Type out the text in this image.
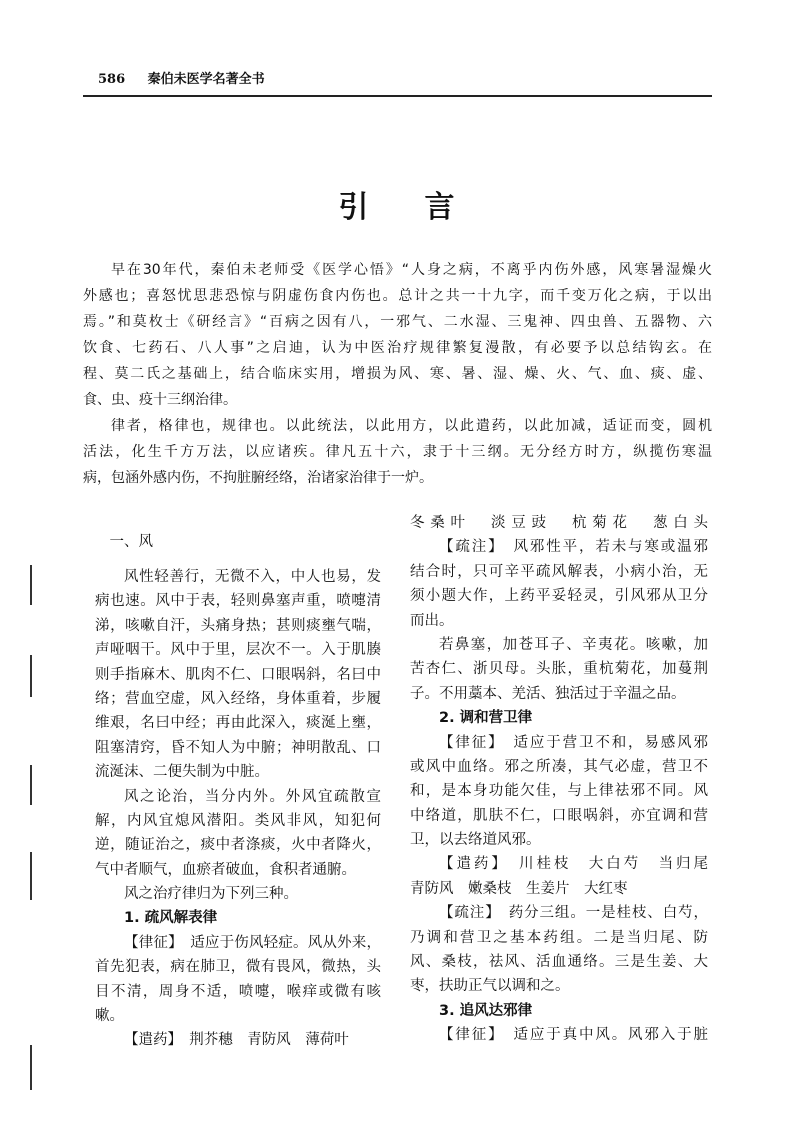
586 秦伯未医学名著全书
引 言
早在30年代，秦伯未老师受《医学心悟》“人身之病，不离乎内伤外感，风寒暑湿燥火
外感也；喜怒忧思悲恐惊与阴虚伤食内伤也。总计之共一十九字，而千变万化之病，于以出
焉。”和莫枚士《研经言》“百病之因有八，一邪气、二水湿、三鬼神、四虫兽、五器物、六
饮食、七药石、八人事”之启迪，认为中医治疗规律繁复漫散，有必要予以总结钩玄。在
程、莫二氏之基础上，结合临床实用，增损为风、寒、暑、湿、燥、火、气、血、痰、虚、
食、虫、疫十三纲治律。
律者，格律也，规律也。以此统法，以此用方，以此遣药，以此加减，适证而变，圆机
活法，化生千方万法，以应诸疾。律凡五十六，隶于十三纲。无分经方时方，纵揽伤寒温
病，包涵外感内伤，不拘脏腑经络，治诸家治律于一炉。
一、风
风性轻善行，无微不入，中人也易，发
病也速。风中于表，轻则鼻塞声重，喷嚏清
涕，咳嗽自汗，头痛身热；甚则痰壅气喘，
声哑咽干。风中于里，层次不一。入于肌腠
则手指麻木、肌肉不仁、口眼㖞斜，名曰中
络；营血空虚，风入经络，身体重着，步履
维艰，名曰中经；再由此深入，痰涎上壅，
阻塞清窍，昏不知人为中腑；神明散乱、口
流涎沫、二便失制为中脏。
风之论治，当分内外。外风宜疏散宣
解，内风宜熄风潜阳。类风非风，知犯何
逆，随证治之，痰中者涤痰，火中者降火，
气中者顺气，血瘀者破血，食积者通腑。
风之治疗律归为下列三种。
1. 疏风解表律
【律征】　适应于伤风轻症。风从外来，
首先犯表，病在肺卫，微有畏风，微热，头
目不清，周身不适，喷嚏，喉痒或微有咳
嗽。
【遣药】　荆芥穗　青防风　薄荷叶
冬桑叶　淡豆豉　杭菊花　葱白头
【疏注】　风邪性平，若未与寒或温邪
结合时，只可辛平疏风解表，小病小治，无
须小题大作，上药平妥轻灵，引风邪从卫分
而出。
若鼻塞，加苍耳子、辛夷花。咳嗽，加
苦杏仁、浙贝母。头胀，重杭菊花，加蔓荆
子。不用藁本、羌活、独活过于辛温之品。
2. 调和营卫律
【律征】　适应于营卫不和，易感风邪
或风中血络。邪之所凑，其气必虚，营卫不
和，是本身功能欠佳，与上律祛邪不同。风
中络道，肌肤不仁，口眼㖞斜，亦宜调和营
卫，以去络道风邪。
【遣药】　川桂枝　大白芍　当归尾
青防风　嫩桑枝　生姜片　大红枣
【疏注】　药分三组。一是桂枝、白芍，
乃调和营卫之基本药组。二是当归尾、防
风、桑枝，祛风、活血通络。三是生姜、大
枣，扶助正气以调和之。
3. 追风达邪律
【律征】　适应于真中风。风邪入于脏
